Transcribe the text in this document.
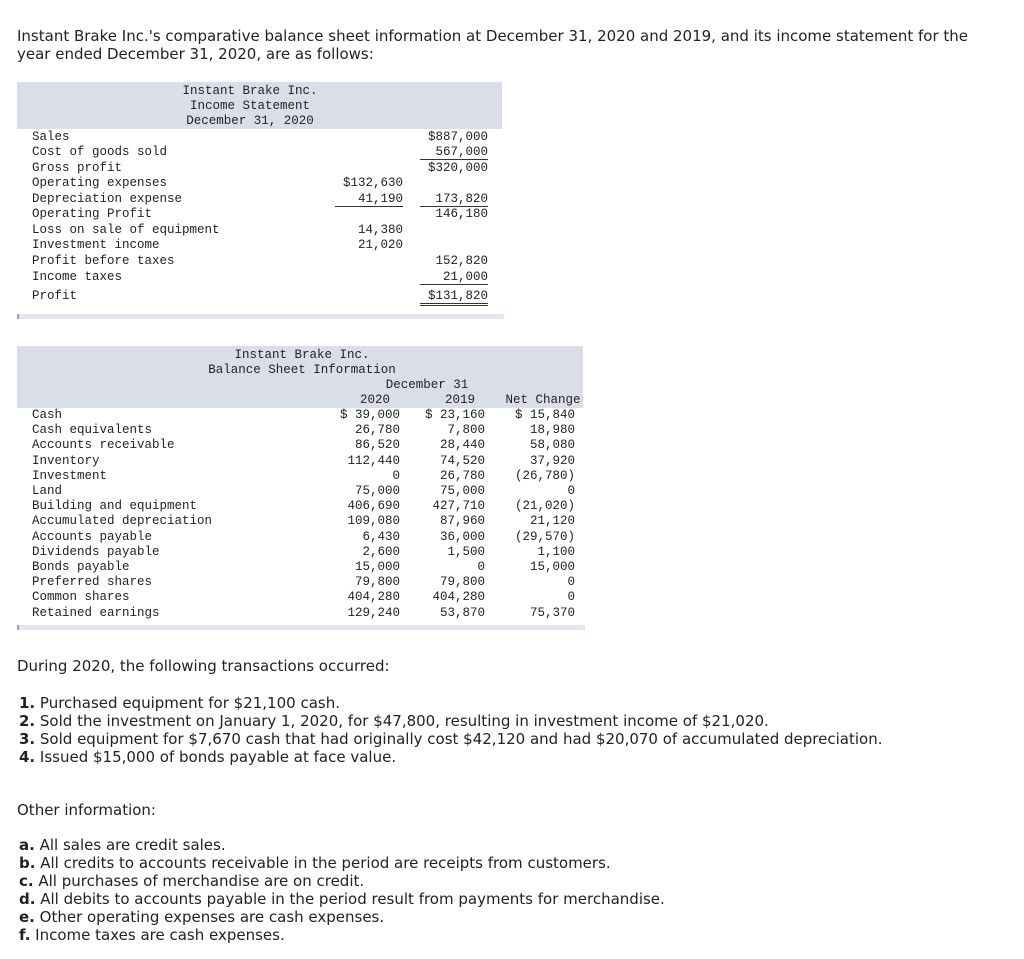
Instant Brake Inc.'s comparative balance sheet information at December 31, 2020 and 2019, and its income statement for the year ended December 31, 2020, are as follows:
Instant Brake Inc.
Income Statement
December 31, 2020
Sales	$887,000
Cost of goods sold	567,000
Gross profit	$320,000
Operating expenses	$132,630
Depreciation expense	41,190	173,820
Operating Profit	146,180
Loss on sale of equipment	14,380
Investment income	21,020
Profit before taxes	152,820
Income taxes	21,000
Profit	$131,820
Instant Brake Inc.
Balance Sheet Information
December 31
2020	2019	Net Change
Cash	$ 39,000	$ 23,160	$ 15,840
Cash equivalents	26,780	7,800	18,980
Accounts receivable	86,520	28,440	58,080
Inventory	112,440	74,520	37,920
Investment	0	26,780	(26,780)
Land	75,000	75,000	0
Building and equipment	406,690	427,710	(21,020)
Accumulated depreciation	109,080	87,960	21,120
Accounts payable	6,430	36,000	(29,570)
Dividends payable	2,600	1,500	1,100
Bonds payable	15,000	0	15,000
Preferred shares	79,800	79,800	0
Common shares	404,280	404,280	0
Retained earnings	129,240	53,870	75,370
During 2020, the following transactions occurred:
1. Purchased equipment for $21,100 cash.
2. Sold the investment on January 1, 2020, for $47,800, resulting in investment income of $21,020.
3. Sold equipment for $7,670 cash that had originally cost $42,120 and had $20,070 of accumulated depreciation.
4. Issued $15,000 of bonds payable at face value.
Other information:
a. All sales are credit sales.
b. All credits to accounts receivable in the period are receipts from customers.
c. All purchases of merchandise are on credit.
d. All debits to accounts payable in the period result from payments for merchandise.
e. Other operating expenses are cash expenses.
f. Income taxes are cash expenses.
